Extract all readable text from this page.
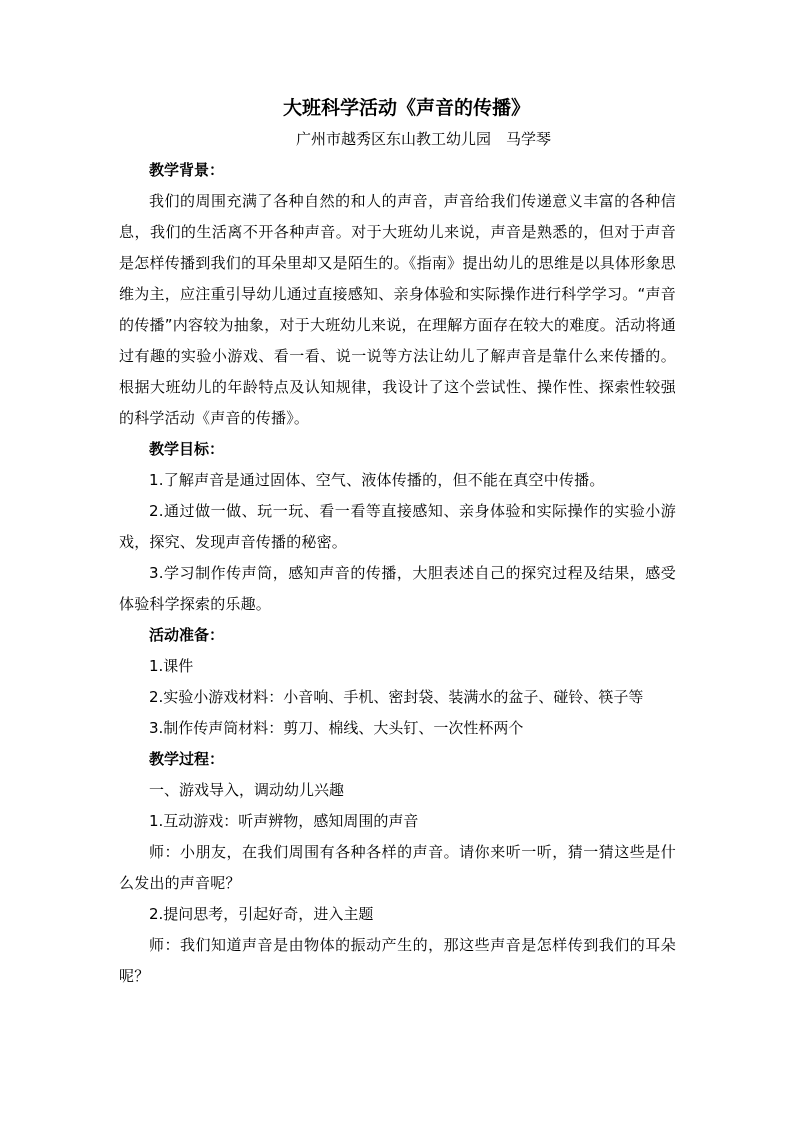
大班科学活动《声音的传播》
广州市越秀区东山教工幼儿园　马学琴
教学背景：

我们的周围充满了各种自然的和人的声音，声音给我们传递意义丰富的各种信息，我们的生活离不开各种声音。对于大班幼儿来说，声音是熟悉的，但对于声音是怎样传播到我们的耳朵里却又是陌生的。《指南》提出幼儿的思维是以具体形象思维为主，应注重引导幼儿通过直接感知、亲身体验和实际操作进行科学学习。“声音的传播”内容较为抽象，对于大班幼儿来说，在理解方面存在较大的难度。活动将通过有趣的实验小游戏、看一看、说一说等方法让幼儿了解声音是靠什么来传播的。根据大班幼儿的年龄特点及认知规律，我设计了这个尝试性、操作性、探索性较强的科学活动《声音的传播》。

教学目标：

1.了解声音是通过固体、空气、液体传播的，但不能在真空中传播。

2.通过做一做、玩一玩、看一看等直接感知、亲身体验和实际操作的实验小游戏，探究、发现声音传播的秘密。

3.学习制作传声筒，感知声音的传播，大胆表述自己的探究过程及结果，感受体验科学探索的乐趣。

活动准备：
1.课件
2.实验小游戏材料：小音响、手机、密封袋、装满水的盆子、碰铃、筷子等
3.制作传声筒材料：剪刀、棉线、大头钉、一次性杯两个
教学过程：
一、游戏导入，调动幼儿兴趣
1.互动游戏：听声辨物，感知周围的声音

师：小朋友，在我们周围有各种各样的声音。请你来听一听，猜一猜这些是什么发出的声音呢？

2.提问思考，引起好奇，进入主题

师：我们知道声音是由物体的振动产生的，那这些声音是怎样传到我们的耳朵呢？
